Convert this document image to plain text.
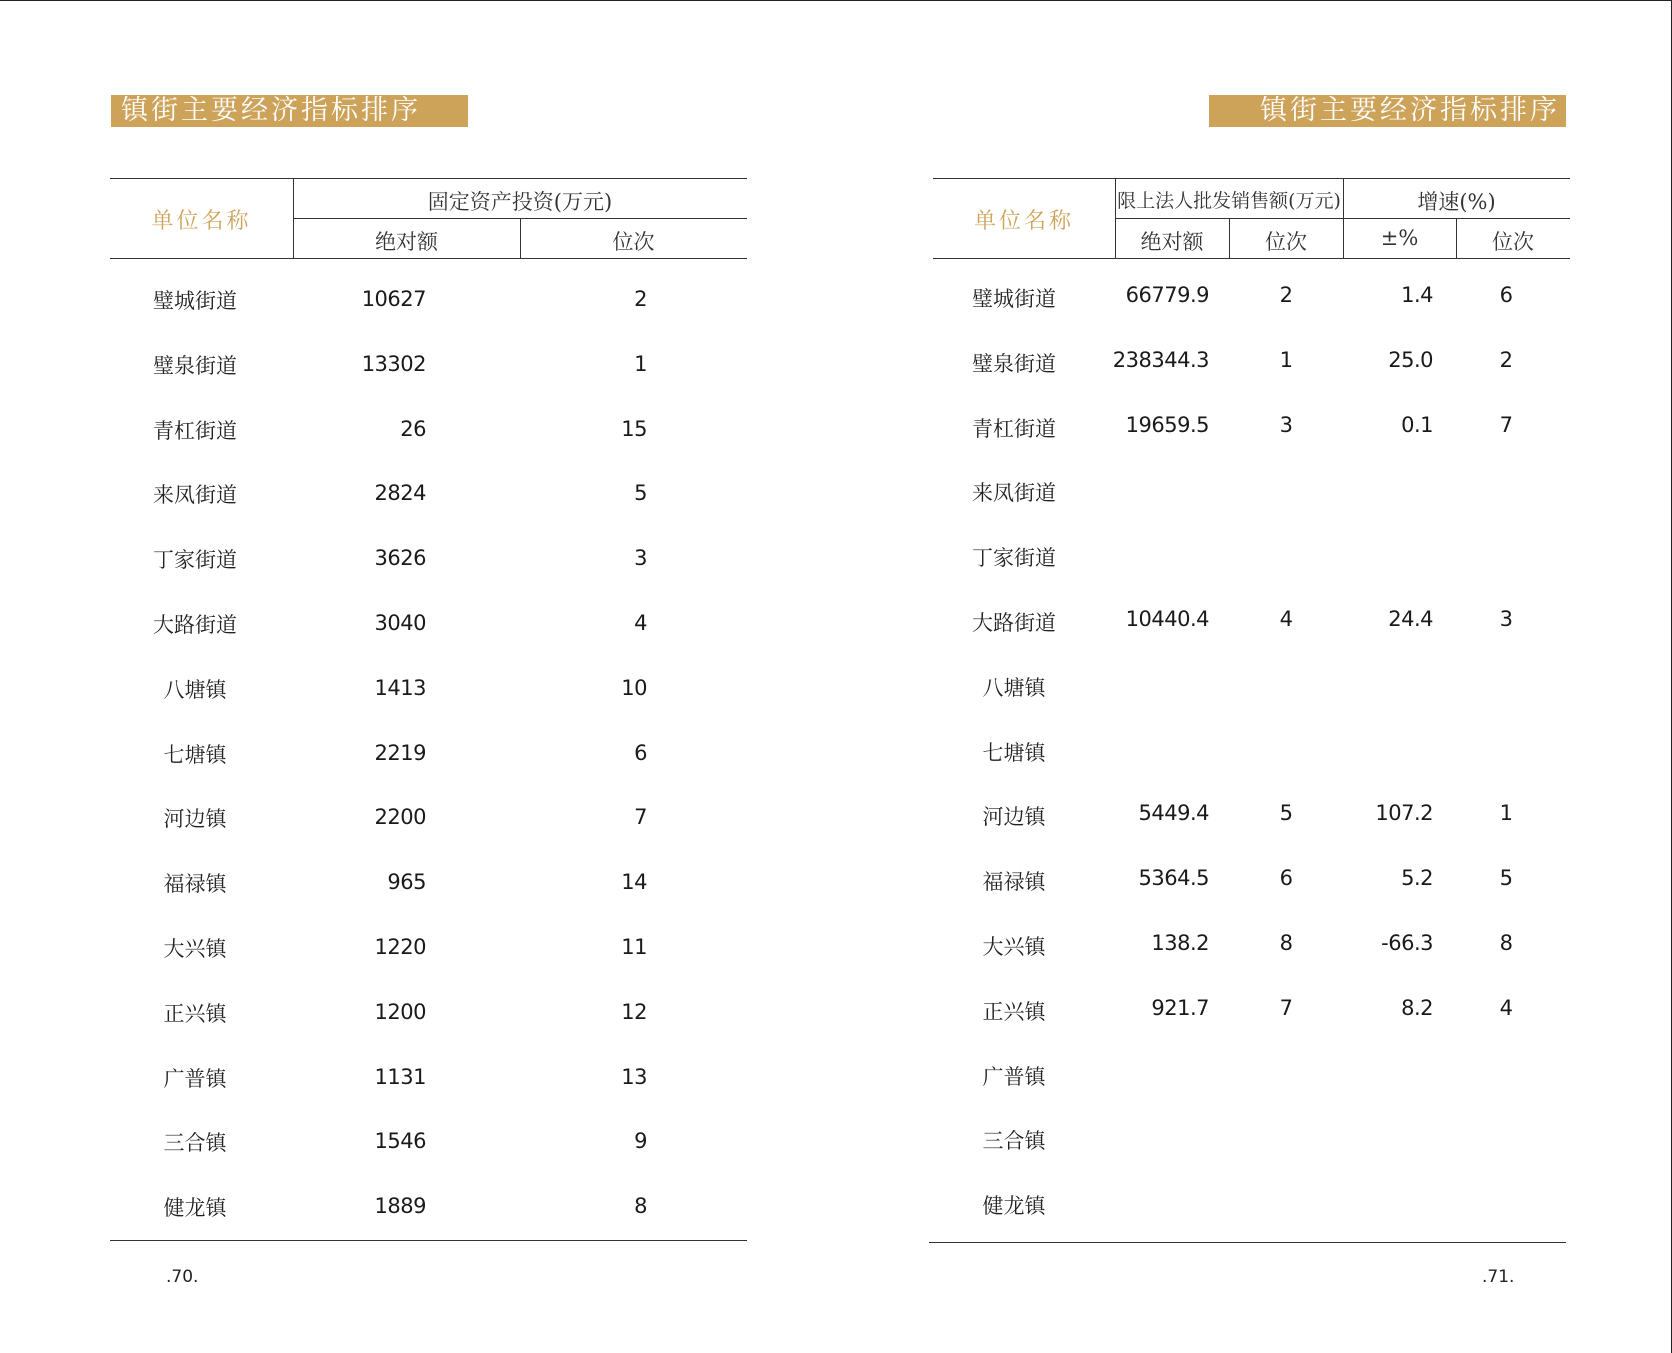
镇街主要经济指标排序
单位名称
固定资产投资(万元)
绝对额	位次
璧城街道	10627	2
璧泉街道	13302	1
青杠街道	26	15
来凤街道	2824	5
丁家街道	3626	3
大路街道	3040	4
八塘镇	1413	10
七塘镇	2219	6
河边镇	2200	7
福禄镇	965	14
大兴镇	1220	11
正兴镇	1200	12
广普镇	1131	13
三合镇	1546	9
健龙镇	1889	8
.70.
镇街主要经济指标排序
单位名称
限上法人批发销售额(万元)	增速(%)
绝对额	位次	±%	位次
璧城街道	66779.9	2	1.4	6
璧泉街道	238344.3	1	25.0	2
青杠街道	19659.5	3	0.1	7
来凤街道
丁家街道
大路街道	10440.4	4	24.4	3
八塘镇
七塘镇
河边镇	5449.4	5	107.2	1
福禄镇	5364.5	6	5.2	5
大兴镇	138.2	8	-66.3	8
正兴镇	921.7	7	8.2	4
广普镇
三合镇
健龙镇
.71.
